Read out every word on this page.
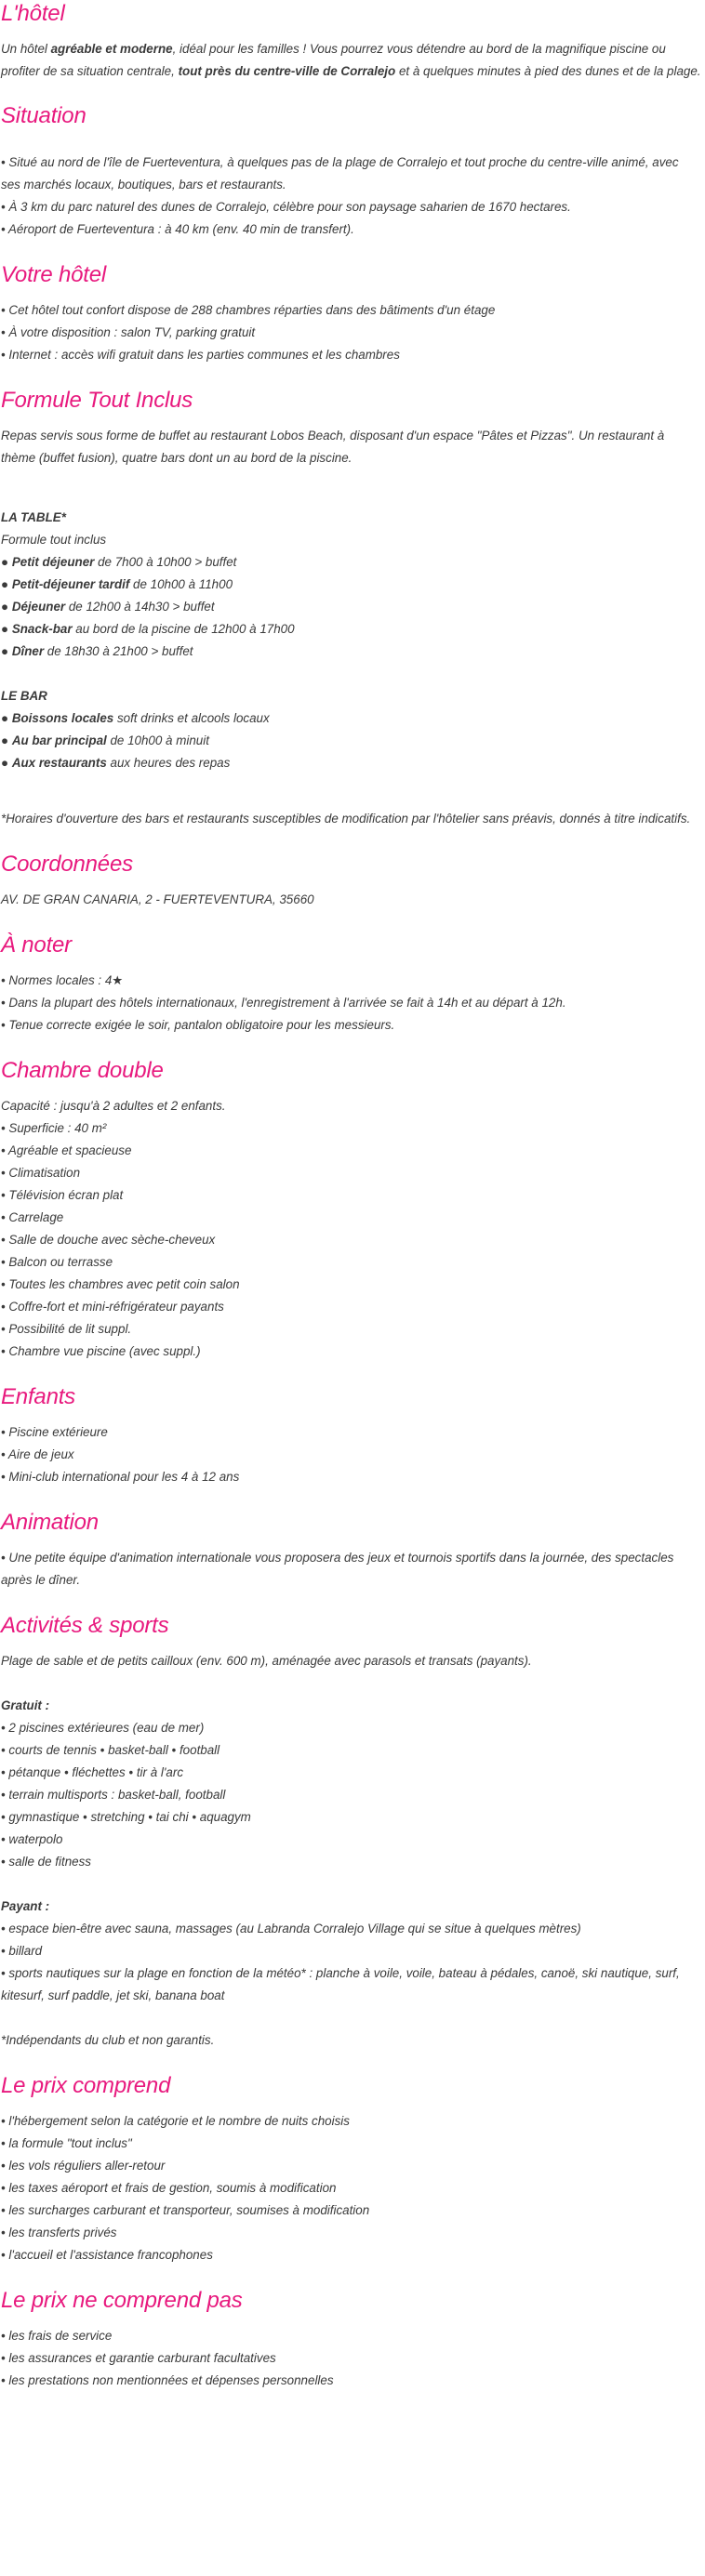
L'hôtel

Un hôtel agréable et moderne, idéal pour les familles ! Vous pourrez vous détendre au bord de la magnifique piscine ou profiter de sa situation centrale, tout près du centre-ville de Corralejo et à quelques minutes à pied des dunes et de la plage.

Situation

• Situé au nord de l'île de Fuerteventura, à quelques pas de la plage de Corralejo et tout proche du centre-ville animé, avec ses marchés locaux, boutiques, bars et restaurants.

• À 3 km du parc naturel des dunes de Corralejo, célèbre pour son paysage saharien de 1670 hectares.

• Aéroport de Fuerteventura : à 40 km (env. 40 min de transfert).

Votre hôtel

• Cet hôtel tout confort dispose de 288 chambres réparties dans des bâtiments d'un étage

• À votre disposition : salon TV, parking gratuit

• Internet : accès wifi gratuit dans les parties communes et les chambres

Formule Tout Inclus

Repas servis sous forme de buffet au restaurant Lobos Beach, disposant d'un espace "Pâtes et Pizzas". Un restaurant à thème (buffet fusion), quatre bars dont un au bord de la piscine.

LA TABLE*

Formule tout inclus

● Petit déjeuner de 7h00 à 10h00 > buffet

● Petit-déjeuner tardif de 10h00 à 11h00

● Déjeuner de 12h00 à 14h30 > buffet

● Snack-bar au bord de la piscine de 12h00 à 17h00

● Dîner de 18h30 à 21h00 > buffet

LE BAR

● Boissons locales soft drinks et alcools locaux

● Au bar principal de 10h00 à minuit

● Aux restaurants aux heures des repas

*Horaires d'ouverture des bars et restaurants susceptibles de modification par l'hôtelier sans préavis, donnés à titre indicatifs.

Coordonnées

AV. DE GRAN CANARIA, 2 - FUERTEVENTURA, 35660

À noter

• Normes locales : 4★

• Dans la plupart des hôtels internationaux, l'enregistrement à l'arrivée se fait à 14h et au départ à 12h.

• Tenue correcte exigée le soir, pantalon obligatoire pour les messieurs.

Chambre double

Capacité : jusqu'à 2 adultes et 2 enfants.

• Superficie : 40 m²

• Agréable et spacieuse

• Climatisation

• Télévision écran plat

• Carrelage

• Salle de douche avec sèche-cheveux

• Balcon ou terrasse

• Toutes les chambres avec petit coin salon

• Coffre-fort et mini-réfrigérateur payants

• Possibilité de lit suppl.

• Chambre vue piscine (avec suppl.)

Enfants

• Piscine extérieure

• Aire de jeux

• Mini-club international pour les 4 à 12 ans

Animation

• Une petite équipe d'animation internationale vous proposera des jeux et tournois sportifs dans la journée, des spectacles après le dîner.

Activités & sports

Plage de sable et de petits cailloux (env. 600 m), aménagée avec parasols et transats (payants).

Gratuit :

• 2 piscines extérieures (eau de mer)

• courts de tennis • basket-ball • football

• pétanque • fléchettes • tir à l'arc

• terrain multisports : basket-ball, football

• gymnastique • stretching • tai chi • aquagym

• waterpolo

• salle de fitness

Payant :

• espace bien-être avec sauna, massages (au Labranda Corralejo Village qui se situe à quelques mètres)

• billard

• sports nautiques sur la plage en fonction de la météo* : planche à voile, voile, bateau à pédales, canoë, ski nautique, surf, kitesurf, surf paddle, jet ski, banana boat

*Indépendants du club et non garantis.

Le prix comprend

• l'hébergement selon la catégorie et le nombre de nuits choisis

• la formule "tout inclus"

• les vols réguliers aller-retour

• les taxes aéroport et frais de gestion, soumis à modification

• les surcharges carburant et transporteur, soumises à modification

• les transferts privés

• l'accueil et l'assistance francophones

Le prix ne comprend pas

• les frais de service

• les assurances et garantie carburant facultatives

• les prestations non mentionnées et dépenses personnelles
